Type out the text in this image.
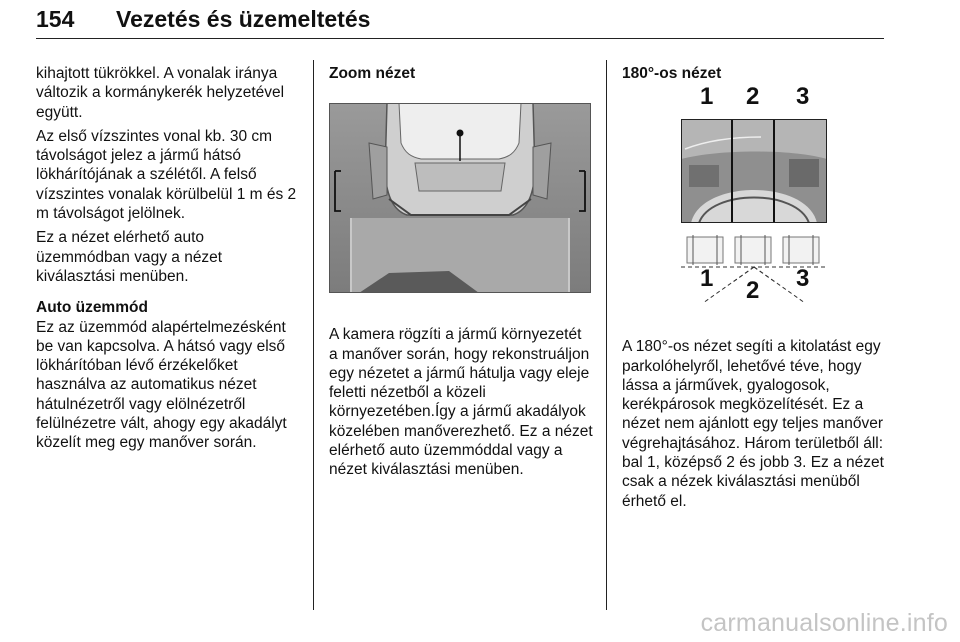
154 Vezetés és üzemeltetés

kihajtott tükrökkel. A vonalak iránya változik a kormánykerék helyzetével együtt.

Az első vízszintes vonal kb. 30 cm távolságot jelez a jármű hátsó lökhárítójának a szélétől. A felső vízszintes vonalak körülbelül 1 m és 2 m távolságot jelölnek.

Ez a nézet elérhető auto üzemmódban vagy a nézet kiválasztási menüben.

Auto üzemmód

Ez az üzemmód alapértelmezésként be van kapcsolva. A hátsó vagy első lökhárítóban lévő érzékelőket használva az automatikus nézet hátulnézetről vagy elölnézetről felülnézetre vált, ahogy egy akadályt közelít meg egy manőver során.

Zoom nézet

A kamera rögzíti a jármű környezetét a manőver során, hogy rekonstruáljon egy nézetet a jármű hátulja vagy eleje feletti nézetből a közeli környezetében.Így a jármű akadályok közelében manőverezhető. Ez a nézet elérhető auto üzemmóddal vagy a nézet kiválasztási menüben.

180°-os nézet
1 2 3
1 2 3

A 180°-os nézet segíti a kitolatást egy parkolóhelyről, lehetővé téve, hogy lássa a járművek, gyalogosok, kerékpárosok megközelítését. Ez a nézet nem ajánlott egy teljes manőver végrehajtásához. Három területből áll: bal 1, középső 2 és jobb 3. Ez a nézet csak a nézek kiválasztási menüből érhető el.

carmanualsonline.info
